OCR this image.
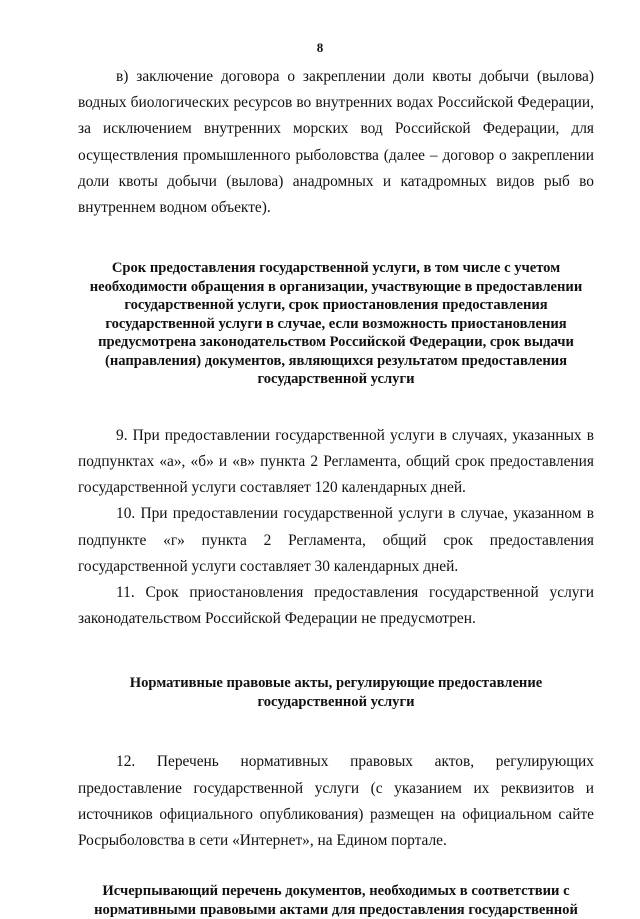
8

в) заключение договора о закреплении доли квоты добычи (вылова) водных биологических ресурсов во внутренних водах Российской Федерации, за исключением внутренних морских вод Российской Федерации, для осуществления промышленного рыболовства (далее – договор о закреплении доли квоты добычи (вылова) анадромных и катадромных видов рыб во внутреннем водном объекте).

Срок предоставления государственной услуги, в том числе с учетом необходимости обращения в организации, участвующие в предоставлении государственной услуги, срок приостановления предоставления государственной услуги в случае, если возможность приостановления предусмотрена законодательством Российской Федерации, срок выдачи (направления) документов, являющихся результатом предоставления государственной услуги

9. При предоставлении государственной услуги в случаях, указанных в подпунктах «а», «б» и «в» пункта 2 Регламента, общий срок предоставления государственной услуги составляет 120 календарных дней.

10. При предоставлении государственной услуги в случае, указанном в подпункте «г» пункта 2 Регламента, общий срок предоставления государственной услуги составляет 30 календарных дней.

11. Срок приостановления предоставления государственной услуги законодательством Российской Федерации не предусмотрен.

Нормативные правовые акты, регулирующие предоставление государственной услуги

12. Перечень нормативных правовых актов, регулирующих предоставление государственной услуги (с указанием их реквизитов и источников официального опубликования) размещен на официальном сайте Росрыболовства в сети «Интернет», на Едином портале.

Исчерпывающий перечень документов, необходимых в соответствии с нормативными правовыми актами для предоставления государственной
